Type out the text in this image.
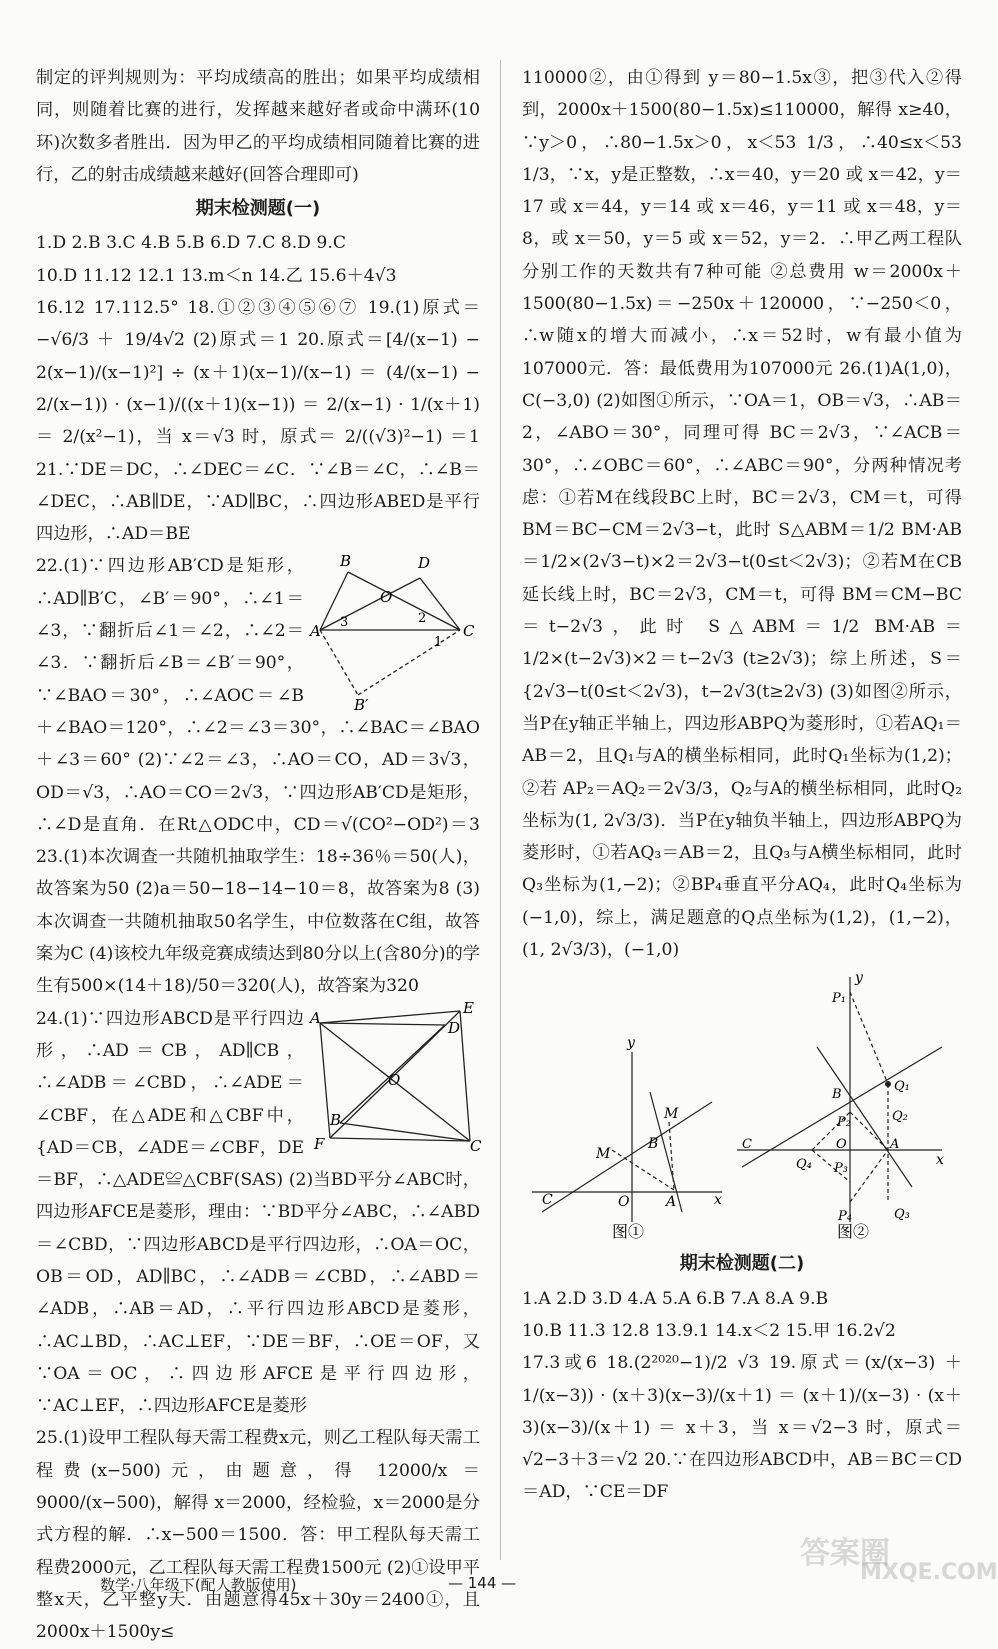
制定的评判规则为：平均成绩高的胜出；如果平均成绩相同，则随着比赛的进行，发挥越来越好者或命中满环(10环)次数多者胜出．因为甲乙的平均成绩相同随着比赛的进行，乙的射击成绩越来越好(回答合理即可)

期末检测题(一)

1.D 2.B 3.C 4.B 5.B 6.D 7.C 8.D 9.C

10.D 11.12 12.1 13.m＜n 14.乙 15.6＋4√3

16.12 17.112.5° 18.①②③④⑤⑥⑦ 19.(1)原式＝ −√6/3 ＋ 19/4√2 (2)原式＝1 20.原式＝[4/(x−1) − 2(x−1)/(x−1)²] ÷ (x＋1)(x−1)/(x−1) ＝ (4/(x−1) − 2/(x−1)) · (x−1)/((x＋1)(x−1)) ＝ 2/(x−1) · 1/(x＋1) ＝ 2/(x²−1)，当 x＝√3 时，原式＝ 2/((√3)²−1) ＝1 21.∵DE＝DC，∴∠DEC＝∠C．∵∠B＝∠C，∴∠B＝∠DEC，∴AB∥DE，∵AD∥BC，∴四边形ABED是平行四边形，∴AD＝BE

B	D
O
A	C
B′
1
2
3

22.(1)∵四边形AB′CD是矩形，∴AD∥B′C，∠B′＝90°，∴∠1＝∠3，∵翻折后∠1＝∠2，∴∠2＝∠3．∵翻折后∠B＝∠B′＝90°，∵∠BAO＝30°，∴∠AOC＝∠B＋∠BAO＝120°，∴∠2＝∠3＝30°，∴∠BAC＝∠BAO＋∠3＝60° (2)∵∠2＝∠3，∴AO＝CO，AD＝3√3，OD＝√3，∴AO＝CO＝2√3，∵四边形AB′CD是矩形，∴∠D是直角．在Rt△ODC中，CD＝√(CO²−OD²)＝3 23.(1)本次调查一共随机抽取学生：18÷36％＝50(人)，故答案为50 (2)a＝50−18−14−10＝8，故答案为8 (3)本次调查一共随机抽取50名学生，中位数落在C组，故答案为C (4)该校九年级竞赛成绩达到80分以上(含80分)的学生有500×(14＋18)/50＝320(人)，故答案为320

A
E
D
O
B
F	C

24.(1)∵四边形ABCD是平行四边形，∴AD＝CB，AD∥CB，∴∠ADB＝∠CBD，∴∠ADE＝∠CBF，在△ADE和△CBF中，{AD＝CB，∠ADE＝∠CBF，DE＝BF，∴△ADE≌△CBF(SAS) (2)当BD平分∠ABC时，四边形AFCE是菱形，理由：∵BD平分∠ABC，∴∠ABD＝∠CBD，∵四边形ABCD是平行四边形，∴OA＝OC，OB＝OD，AD∥BC，∴∠ADB＝∠CBD，∴∠ABD＝∠ADB，∴AB＝AD，∴平行四边形ABCD是菱形，∴AC⊥BD，∴AC⊥EF，∵DE＝BF，∴OE＝OF，又∵OA＝OC，∴四边形AFCE是平行四边形，∵AC⊥EF，∴四边形AFCE是菱形

25.(1)设甲工程队每天需工程费x元，则乙工程队每天需工程费(x−500)元，由题意，得 12000/x ＝ 9000/(x−500)，解得 x＝2000，经检验，x＝2000是分式方程的解．∴x−500＝1500．答：甲工程队每天需工程费2000元，乙工程队每天需工程费1500元 (2)①设甲平整x天，乙平整y天．由题意得45x＋30y＝2400①，且2000x＋1500y≤

110000②，由①得到 y＝80−1.5x③，把③代入②得到，2000x＋1500(80−1.5x)≤110000，解得 x≥40，∵y＞0，∴80−1.5x＞0，x＜53 1/3，∴40≤x＜53 1/3，∵x，y是正整数，∴x＝40，y＝20 或 x＝42，y＝17 或 x＝44，y＝14 或 x＝46，y＝11 或 x＝48，y＝8，或 x＝50，y＝5 或 x＝52，y＝2．∴甲乙两工程队分别工作的天数共有7种可能 ②总费用 w＝2000x＋1500(80−1.5x)＝−250x＋120000，∵−250＜0，∴w随x的增大而减小，∴x＝52时，w有最小值为107000元．答：最低费用为107000元 26.(1)A(1,0)，C(−3,0) (2)如图①所示，∵OA＝1，OB＝√3，∴AB＝2，∠ABO＝30°，同理可得 BC＝2√3，∵∠ACB＝30°，∴∠OBC＝60°，∴∠ABC＝90°，分两种情况考虑：①若M在线段BC上时，BC＝2√3，CM＝t，可得 BM＝BC−CM＝2√3−t，此时 S△ABM＝1/2 BM·AB＝1/2×(2√3−t)×2＝2√3−t(0≤t＜2√3)；②若M在CB延长线上时，BC＝2√3，CM＝t，可得 BM＝CM−BC＝t−2√3，此时 S△ABM＝1/2 BM·AB＝1/2×(t−2√3)×2＝t−2√3 (t≥2√3)；综上所述，S＝{2√3−t(0≤t＜2√3)，t−2√3(t≥2√3) (3)如图②所示，当P在y轴正半轴上，四边形ABPQ为菱形时，①若AQ₁＝AB＝2，且Q₁与A的横坐标相同，此时Q₁坐标为(1,2)；②若 AP₂＝AQ₂＝2√3/3，Q₂与A的横坐标相同，此时Q₂坐标为(1, 2√3/3)．当P在y轴负半轴上，四边形ABPQ为菱形时，①若AQ₃＝AB＝2，且Q₃与A横坐标相同，此时Q₃坐标为(1,−2)；②BP₄垂直平分AQ₄，此时Q₄坐标为(−1,0)，综上，满足题意的Q点坐标为(1,2)，(1,−2)，(1, 2√3/3)，(−1,0)

y
x
M
M
B
C	O	A
图①
y
x
P₁
Q₁
B
Q₂
P₂
C	O	A
Q₄ P₃
P₄	Q₃
图②
期末检测题(二)

1.A 2.D 3.D 4.A 5.A 6.B 7.A 8.A 9.B

10.B 11.3 12.8 13.9.1 14.x＜2 15.甲 16.2√2

17.3或6 18.(2²⁰²⁰−1)/2 √3 19.原式＝(x/(x−3) ＋ 1/(x−3)) · (x＋3)(x−3)/(x＋1) ＝ (x＋1)/(x−3) · (x＋3)(x−3)/(x＋1) ＝ x＋3，当 x＝√2−3 时，原式＝√2−3＋3＝√2 20.∵在四边形ABCD中，AB＝BC＝CD＝AD，∵CE＝DF

数学·八年级下(配人教版使用)	— 144 —
答案圈
MXQE.COM
